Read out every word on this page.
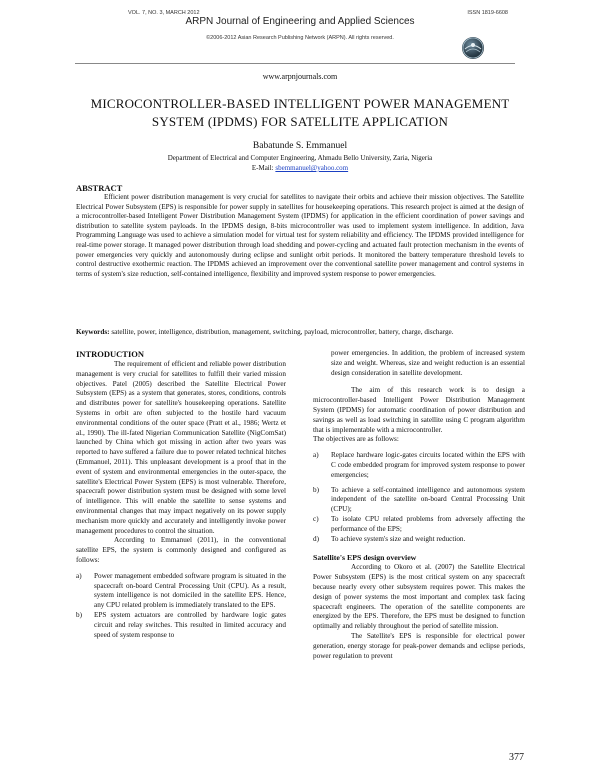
VOL. 7, NO. 3, MARCH 2012	ISSN 1819-6608
ARPN Journal of Engineering and Applied Sciences
©2006-2012 Asian Research Publishing Network (ARPN). All rights reserved.
www.arpnjournals.com
MICROCONTROLLER-BASED INTELLIGENT POWER MANAGEMENT
SYSTEM (IPDMS) FOR SATELLITE APPLICATION
Babatunde S. Emmanuel
Department of Electrical and Computer Engineering, Ahmadu Bello University, Zaria, Nigeria
E-Mail: sbemmanuel@yahoo.com
ABSTRACT
Efficient power distribution management is very crucial for satellites to navigate their orbits and achieve their mission objectives. The Satellite Electrical Power Subsystem (EPS) is responsible for power supply in satellites for housekeeping operations. This research project is aimed at the design of a microcontroller-based Intelligent Power Distribution Management System (IPDMS) for application in the efficient coordination of power savings and distribution to satellite system payloads. In the IPDMS design, 8-bits microcontroller was used to implement system intelligence. In addition, Java Programming Language was used to achieve a simulation model for virtual test for system reliability and efficiency. The IPDMS provided intelligence for real-time power storage. It managed power distribution through load shedding and power-cycling and actuated fault protection mechanism in the events of power emergencies very quickly and autonomously during eclipse and sunlight orbit periods. It monitored the battery temperature threshold levels to control destructive exothermic reaction. The IPDMS achieved an improvement over the conventional satellite power management and control systems in terms of system's size reduction, self-contained intelligence, flexibility and improved system response to power emergencies.
Keywords: satellite, power, intelligence, distribution, management, switching, payload, microcontroller, battery, charge, discharge.
INTRODUCTION

The requirement of efficient and reliable power distribution management is very crucial for satellites to fulfill their varied mission objectives. Patel (2005) described the Satellite Electrical Power Subsystem (EPS) as a system that generates, stores, conditions, controls and distributes power for satellite's housekeeping operations. Satellite Systems in orbit are often subjected to the hostile hard vacuum environmental conditions of the outer space (Pratt et al., 1986; Wertz et al., 1990). The ill-fated Nigerian Communication Satellite (NigComSat) launched by China which got missing in action after two years was reported to have suffered a failure due to power related technical hitches (Emmanuel, 2011). This unpleasant development is a proof that in the event of system and environmental emergencies in the outer-space, the satellite's Electrical Power System (EPS) is most vulnerable. Therefore, spacecraft power distribution system must be designed with some level of intelligence. This will enable the satellite to sense systems and environmental changes that may impact negatively on its power supply mechanism more quickly and accurately and intelligently invoke power management procedures to control the situation.

According to Emmanuel (2011), in the conventional satellite EPS, the system is commonly designed and configured as follows:

a)	Power management embedded software program is situated in the spacecraft on-board Central Processing Unit (CPU). As a result, system intelligence is not domiciled in the satellite EPS. Hence, any CPU related problem is immediately translated to the EPS.
b)	EPS system actuators are controlled by hardware logic gates circuit and relay switches. This resulted in limited accuracy and speed of system response to
power emergencies. In addition, the problem of increased system size and weight. Whereas, size and weight reduction is an essential design consideration in satellite development.

The aim of this research work is to design a microcontroller-based Intelligent Power Distribution Management System (IPDMS) for automatic coordination of power distribution and savings as well as load switching in satellite using C program algorithm that is implementable with a microcontroller.

The objectives are as follows:

a)	Replace hardware logic-gates circuits located within the EPS with C code embedded program for improved system response to power emergencies;
b)	To achieve a self-contained intelligence and autonomous system independent of the satellite on-board Central Processing Unit (CPU);
c)	To isolate CPU related problems from adversely affecting the performance of the EPS;
d)	To achieve system's size and weight reduction.
Satellite's EPS design overview

According to Okoro et al. (2007) the Satellite Electrical Power Subsystem (EPS) is the most critical system on any spacecraft because nearly every other subsystem requires power. This makes the design of power systems the most important and complex task facing spacecraft engineers. The operation of the satellite components are energized by the EPS. Therefore, the EPS must be designed to function optimally and reliably throughout the period of satellite mission.

The Satellite's EPS is responsible for electrical power generation, energy storage for peak-power demands and eclipse periods, power regulation to prevent

377
